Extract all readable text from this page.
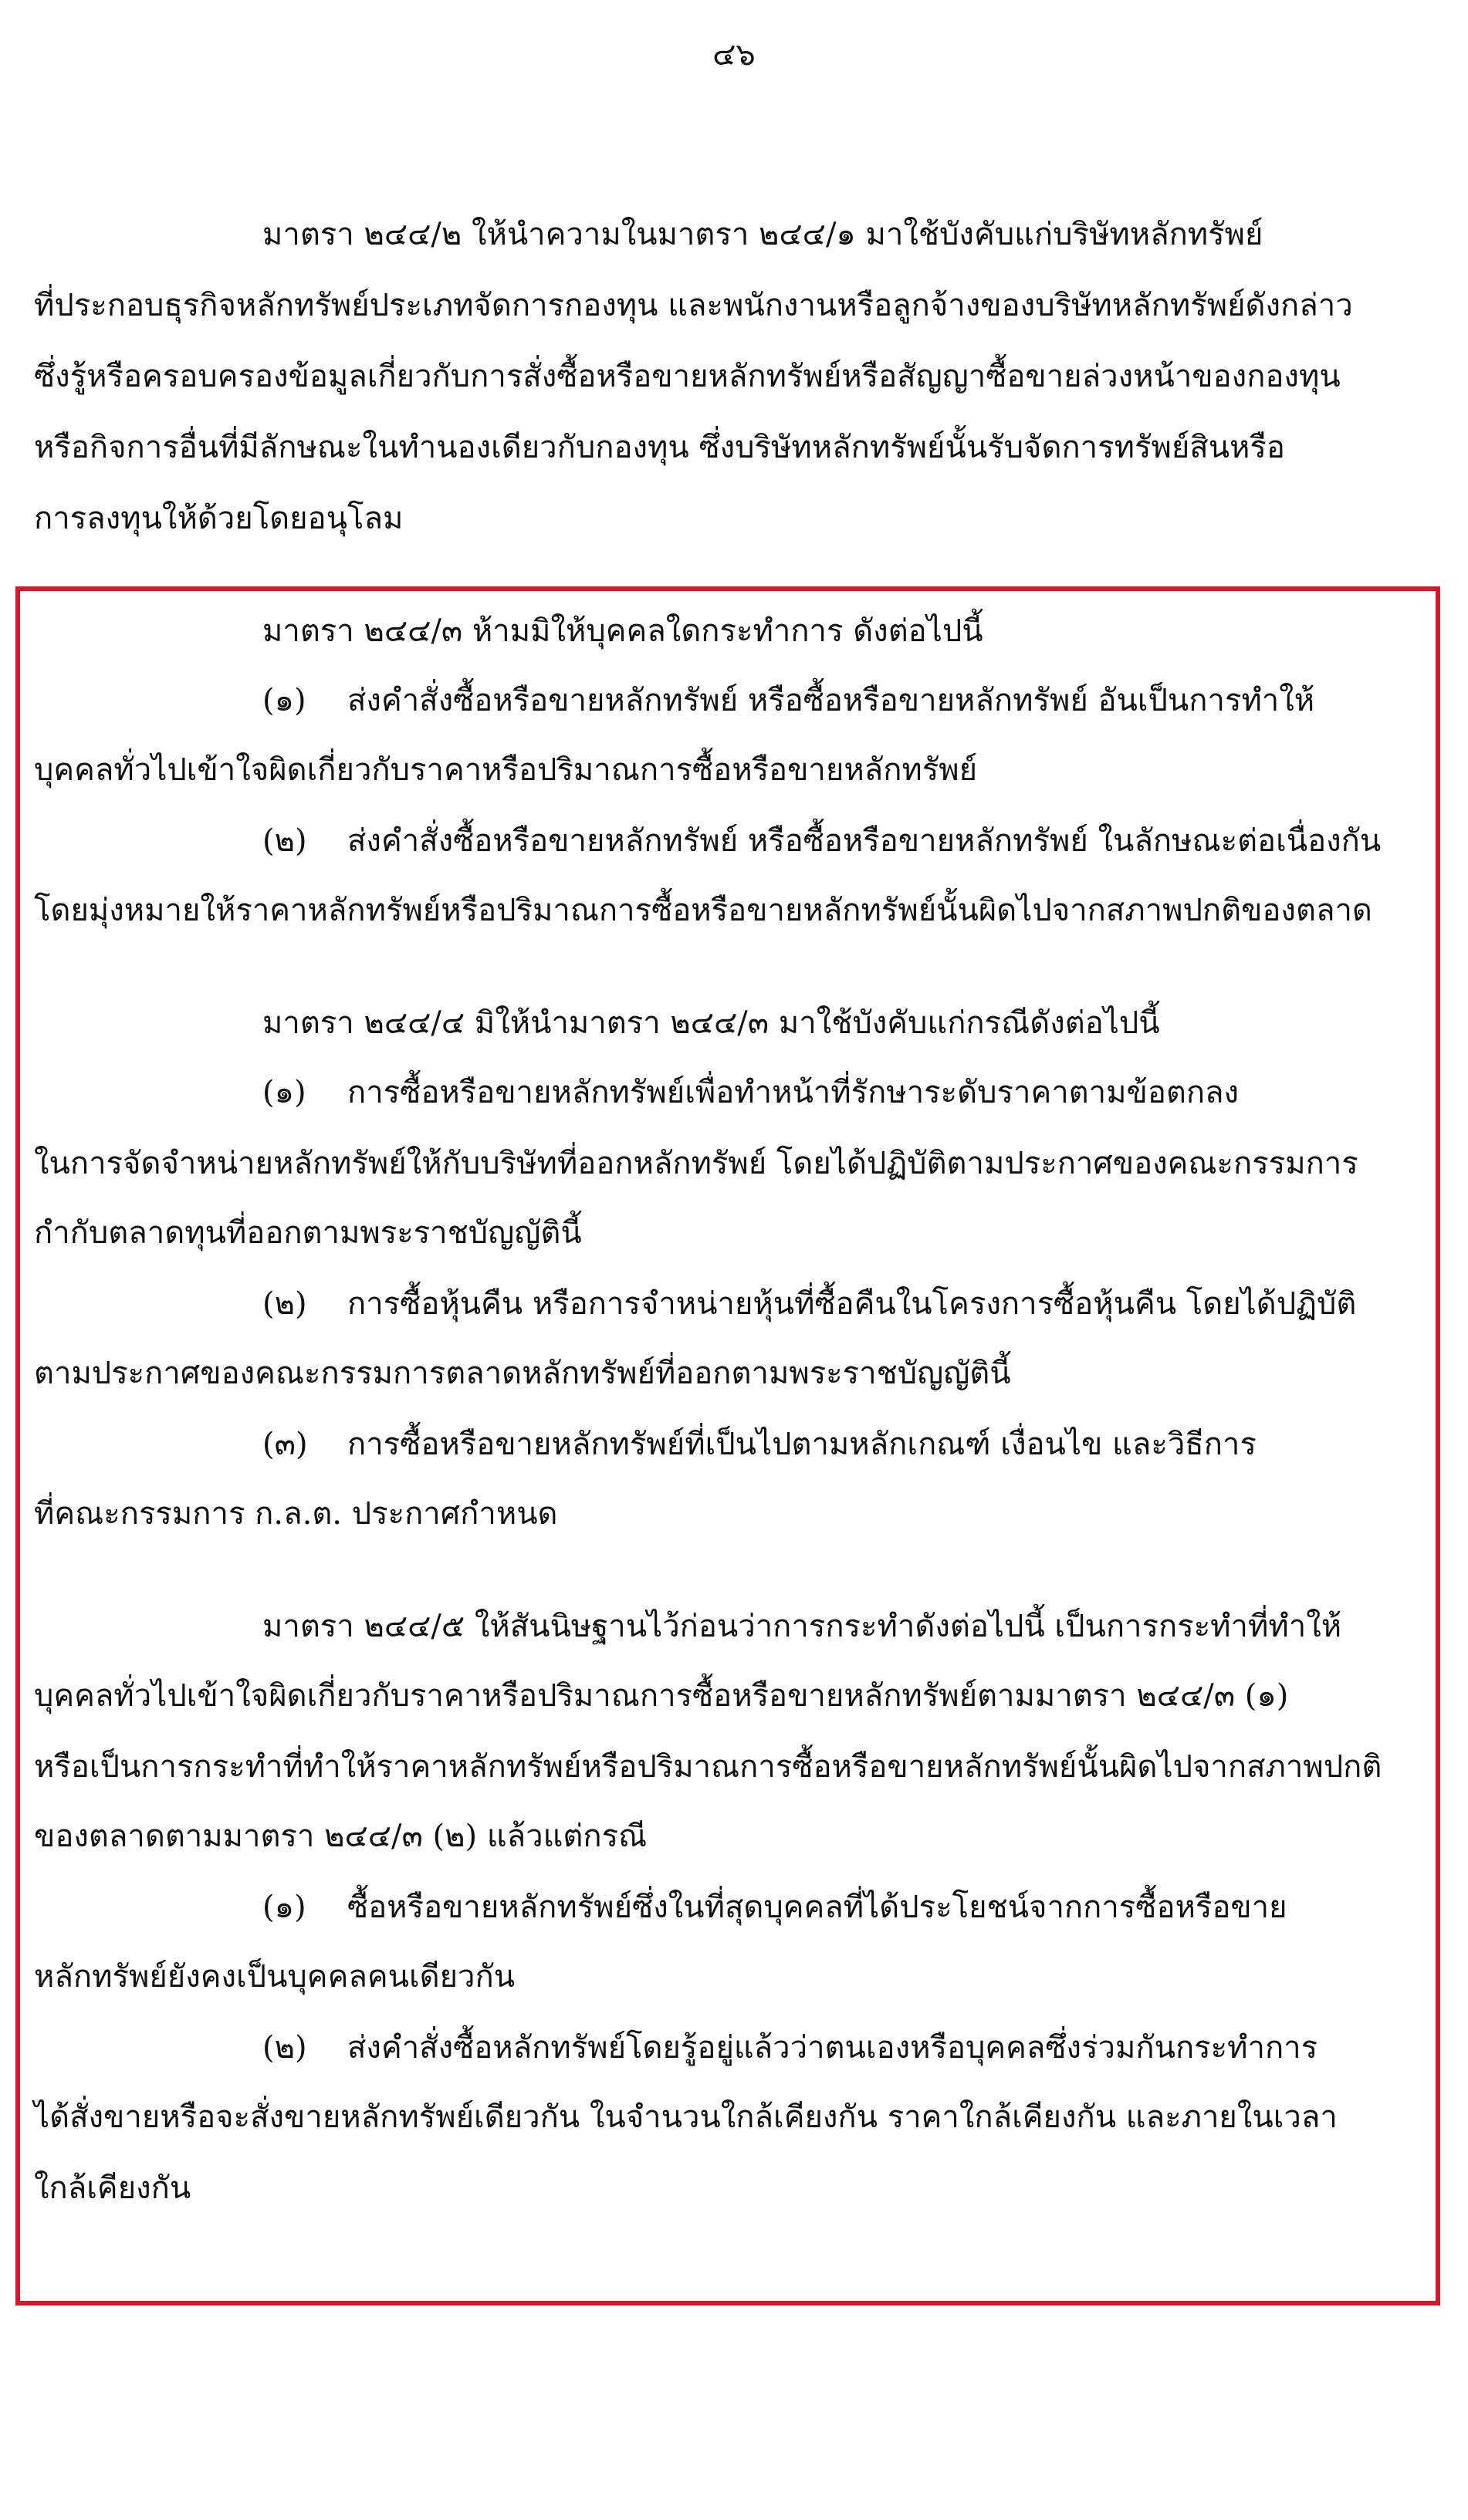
๔๖
มาตรา ๒๔๔/๒ ให้นำความในมาตรา ๒๔๔/๑ มาใช้บังคับแก่บริษัทหลักทรัพย์
ที่ประกอบธุรกิจหลักทรัพย์ประเภทจัดการกองทุน และพนักงานหรือลูกจ้างของบริษัทหลักทรัพย์ดังกล่าว
ซึ่งรู้หรือครอบครองข้อมูลเกี่ยวกับการสั่งซื้อหรือขายหลักทรัพย์หรือสัญญาซื้อขายล่วงหน้าของกองทุน
หรือกิจการอื่นที่มีลักษณะในทำนองเดียวกับกองทุน ซึ่งบริษัทหลักทรัพย์นั้นรับจัดการทรัพย์สินหรือ
การลงทุนให้ด้วยโดยอนุโลม
มาตรา ๒๔๔/๓ ห้ามมิให้บุคคลใดกระทำการ ดังต่อไปนี้
(๑) ส่งคำสั่งซื้อหรือขายหลักทรัพย์ หรือซื้อหรือขายหลักทรัพย์ อันเป็นการทำให้
บุคคลทั่วไปเข้าใจผิดเกี่ยวกับราคาหรือปริมาณการซื้อหรือขายหลักทรัพย์
(๒) ส่งคำสั่งซื้อหรือขายหลักทรัพย์ หรือซื้อหรือขายหลักทรัพย์ ในลักษณะต่อเนื่องกัน
โดยมุ่งหมายให้ราคาหลักทรัพย์หรือปริมาณการซื้อหรือขายหลักทรัพย์นั้นผิดไปจากสภาพปกติของตลาด
มาตรา ๒๔๔/๔ มิให้นำมาตรา ๒๔๔/๓ มาใช้บังคับแก่กรณีดังต่อไปนี้
(๑) การซื้อหรือขายหลักทรัพย์เพื่อทำหน้าที่รักษาระดับราคาตามข้อตกลง
ในการจัดจำหน่ายหลักทรัพย์ให้กับบริษัทที่ออกหลักทรัพย์ โดยได้ปฏิบัติตามประกาศของคณะกรรมการ
กำกับตลาดทุนที่ออกตามพระราชบัญญัตินี้
(๒) การซื้อหุ้นคืน หรือการจำหน่ายหุ้นที่ซื้อคืนในโครงการซื้อหุ้นคืน โดยได้ปฏิบัติ
ตามประกาศของคณะกรรมการตลาดหลักทรัพย์ที่ออกตามพระราชบัญญัตินี้
(๓) การซื้อหรือขายหลักทรัพย์ที่เป็นไปตามหลักเกณฑ์ เงื่อนไข และวิธีการ
ที่คณะกรรมการ ก.ล.ต. ประกาศกำหนด
มาตรา ๒๔๔/๕ ให้สันนิษฐานไว้ก่อนว่าการกระทำดังต่อไปนี้ เป็นการกระทำที่ทำให้
บุคคลทั่วไปเข้าใจผิดเกี่ยวกับราคาหรือปริมาณการซื้อหรือขายหลักทรัพย์ตามมาตรา ๒๔๔/๓ (๑)
หรือเป็นการกระทำที่ทำให้ราคาหลักทรัพย์หรือปริมาณการซื้อหรือขายหลักทรัพย์นั้นผิดไปจากสภาพปกติ
ของตลาดตามมาตรา ๒๔๔/๓ (๒) แล้วแต่กรณี
(๑) ซื้อหรือขายหลักทรัพย์ซึ่งในที่สุดบุคคลที่ได้ประโยชน์จากการซื้อหรือขาย
หลักทรัพย์ยังคงเป็นบุคคลคนเดียวกัน
(๒) ส่งคำสั่งซื้อหลักทรัพย์โดยรู้อยู่แล้วว่าตนเองหรือบุคคลซึ่งร่วมกันกระทำการ
ได้สั่งขายหรือจะสั่งขายหลักทรัพย์เดียวกัน ในจำนวนใกล้เคียงกัน ราคาใกล้เคียงกัน และภายในเวลา
ใกล้เคียงกัน
